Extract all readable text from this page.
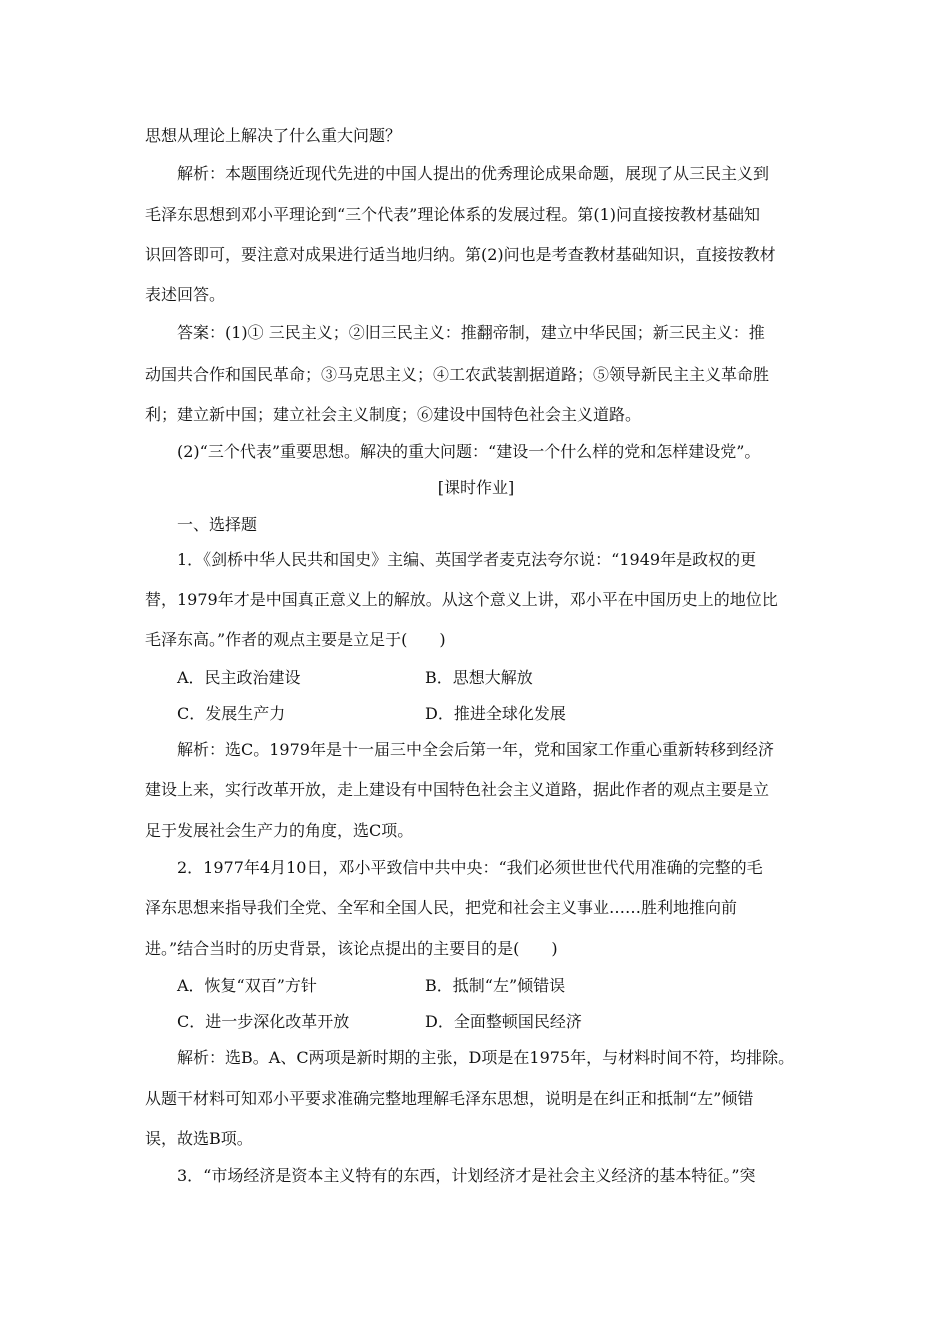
思想从理论上解决了什么重大问题？
解析：本题围绕近现代先进的中国人提出的优秀理论成果命题，展现了从三民主义到
毛泽东思想到邓小平理论到“三个代表”理论体系的发展过程。第(1)问直接按教材基础知
识回答即可，要注意对成果进行适当地归纳。第(2)问也是考查教材基础知识，直接按教材
表述回答。
答案：(1)① 三民主义；②旧三民主义：推翻帝制，建立中华民国；新三民主义：推
动国共合作和国民革命；③马克思主义；④工农武装割据道路；⑤领导新民主主义革命胜
利；建立新中国；建立社会主义制度；⑥建设中国特色社会主义道路。
(2)“三个代表”重要思想。解决的重大问题：“建设一个什么样的党和怎样建设党”。
[课时作业]
一、选择题
1．《剑桥中华人民共和国史》主编、英国学者麦克法夸尔说：“1949年是政权的更
替，1979年才是中国真正意义上的解放。从这个意义上讲，邓小平在中国历史上的地位比
毛泽东高。”作者的观点主要是立足于(　　)
A．民主政治建设	B．思想大解放
C．发展生产力	D．推进全球化发展
解析：选C。1979年是十一届三中全会后第一年，党和国家工作重心重新转移到经济
建设上来，实行改革开放，走上建设有中国特色社会主义道路，据此作者的观点主要是立
足于发展社会生产力的角度，选C项。
2．1977年4月10日，邓小平致信中共中央：“我们必须世世代代用准确的完整的毛
泽东思想来指导我们全党、全军和全国人民，把党和社会主义事业……胜利地推向前
进。”结合当时的历史背景，该论点提出的主要目的是(　　)
A．恢复“双百”方针	B．抵制“左”倾错误
C．进一步深化改革开放	D．全面整顿国民经济
解析：选B。A、C两项是新时期的主张，D项是在1975年，与材料时间不符，均排除。
从题干材料可知邓小平要求准确完整地理解毛泽东思想，说明是在纠正和抵制“左”倾错
误，故选B项。
3．“市场经济是资本主义特有的东西，计划经济才是社会主义经济的基本特征。”突
